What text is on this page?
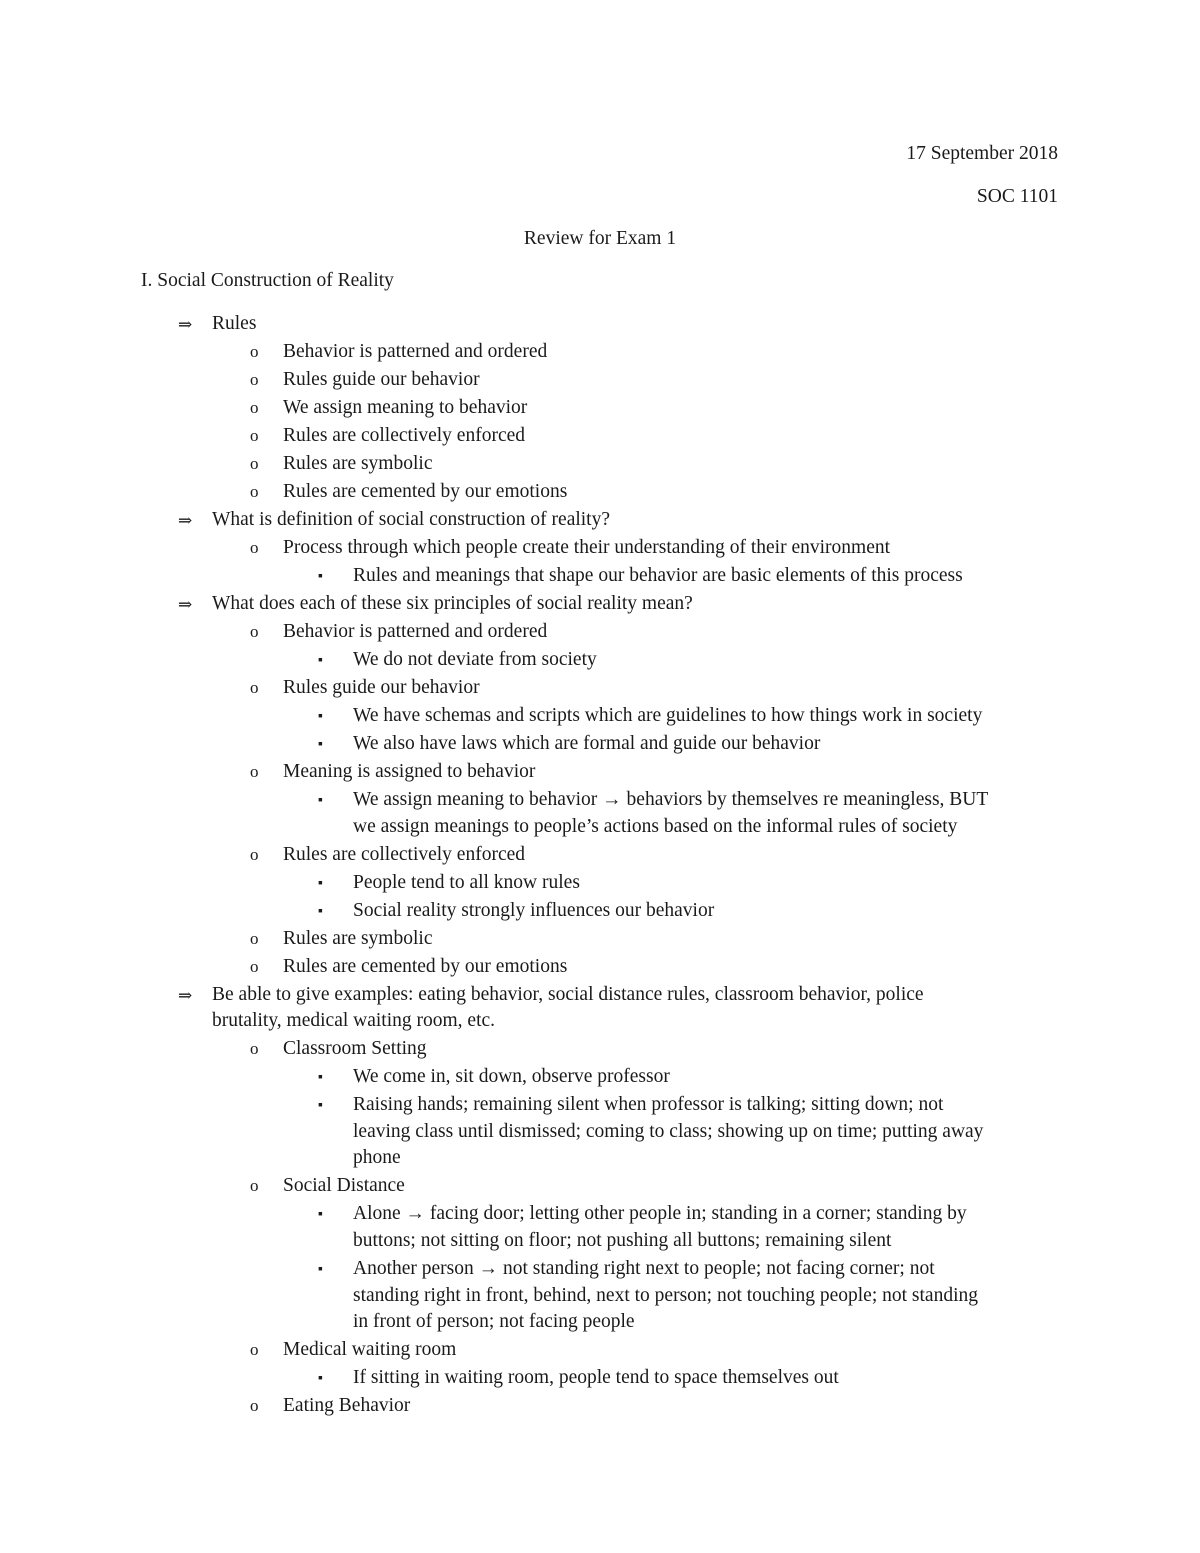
17 September 2018
SOC 1101
Review for Exam 1
I. Social Construction of Reality
⇒ Rules
o Behavior is patterned and ordered
o Rules guide our behavior
o We assign meaning to behavior
o Rules are collectively enforced
o Rules are symbolic
o Rules are cemented by our emotions
⇒ What is definition of social construction of reality?
o Process through which people create their understanding of their environment
▪ Rules and meanings that shape our behavior are basic elements of this process
⇒ What does each of these six principles of social reality mean?
o Behavior is patterned and ordered
▪ We do not deviate from society
o Rules guide our behavior
▪ We have schemas and scripts which are guidelines to how things work in society
▪ We also have laws which are formal and guide our behavior
o Meaning is assigned to behavior
▪ We assign meaning to behavior → behaviors by themselves re meaningless, BUT
we assign meanings to people’s actions based on the informal rules of society
o Rules are collectively enforced
▪ People tend to all know rules
▪ Social reality strongly influences our behavior
o Rules are symbolic
o Rules are cemented by our emotions
⇒ Be able to give examples: eating behavior, social distance rules, classroom behavior, police
brutality, medical waiting room, etc.
o Classroom Setting
▪ We come in, sit down, observe professor
▪ Raising hands; remaining silent when professor is talking; sitting down; not
leaving class until dismissed; coming to class; showing up on time; putting away
phone
o Social Distance
▪ Alone → facing door; letting other people in; standing in a corner; standing by
buttons; not sitting on floor; not pushing all buttons; remaining silent
▪ Another person → not standing right next to people; not facing corner; not
standing right in front, behind, next to person; not touching people; not standing
in front of person; not facing people
o Medical waiting room
▪ If sitting in waiting room, people tend to space themselves out
o Eating Behavior
